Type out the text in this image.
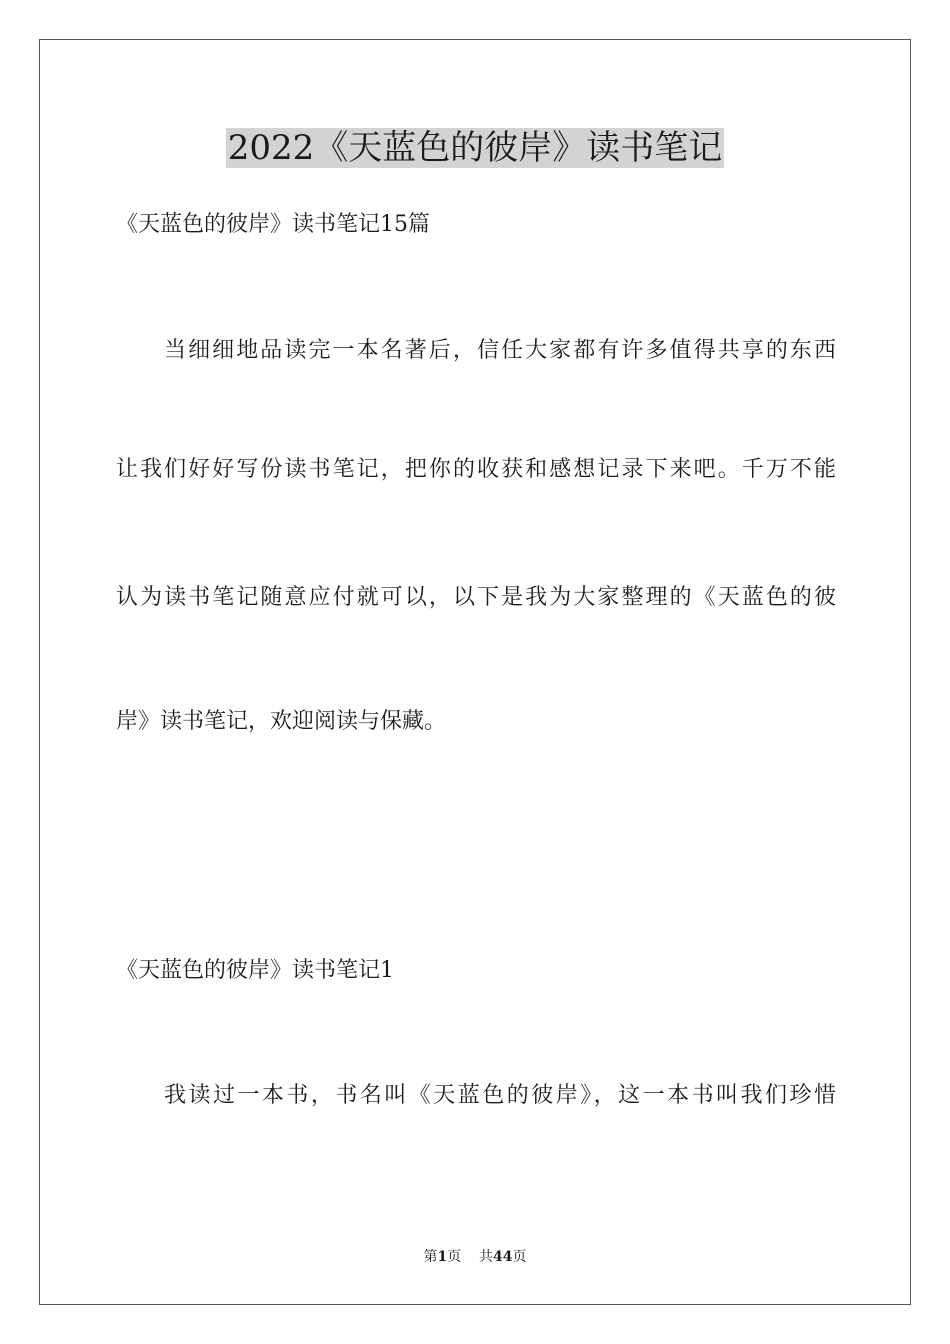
2022《天蓝色的彼岸》读书笔记

《天蓝色的彼岸》读书笔记15篇

当细细地品读完一本名著后，信任大家都有许多值得共享的东西

让我们好好写份读书笔记，把你的收获和感想记录下来吧。千万不能

认为读书笔记随意应付就可以，以下是我为大家整理的《天蓝色的彼

岸》读书笔记，欢迎阅读与保藏。

《天蓝色的彼岸》读书笔记1

我读过一本书，书名叫《天蓝色的彼岸》，这一本书叫我们珍惜

第1页 共44页
